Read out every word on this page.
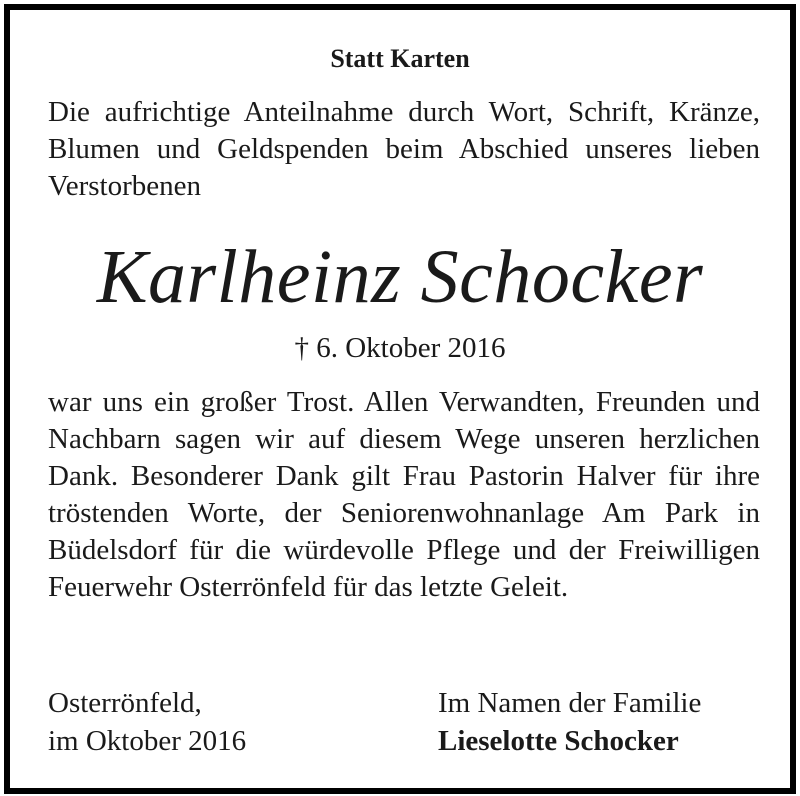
Statt Karten
Die aufrichtige Anteilnahme durch Wort, Schrift, Kränze, Blumen und Geldspenden beim Abschied unseres lieben Verstorbenen
Karlheinz Schocker
† 6. Oktober 2016
war uns ein großer Trost. Allen Verwandten, Freunden und Nachbarn sagen wir auf diesem Wege unseren herzlichen Dank. Besonderer Dank gilt Frau Pastorin Halver für ihre tröstenden Worte, der Seniorenwohnanlage Am Park in Büdelsdorf für die würdevolle Pflege und der Freiwilligen Feuerwehr Osterrönfeld für das letzte Geleit.
Osterrönfeld,
im Oktober 2016
Im Namen der Familie
Lieselotte Schocker
